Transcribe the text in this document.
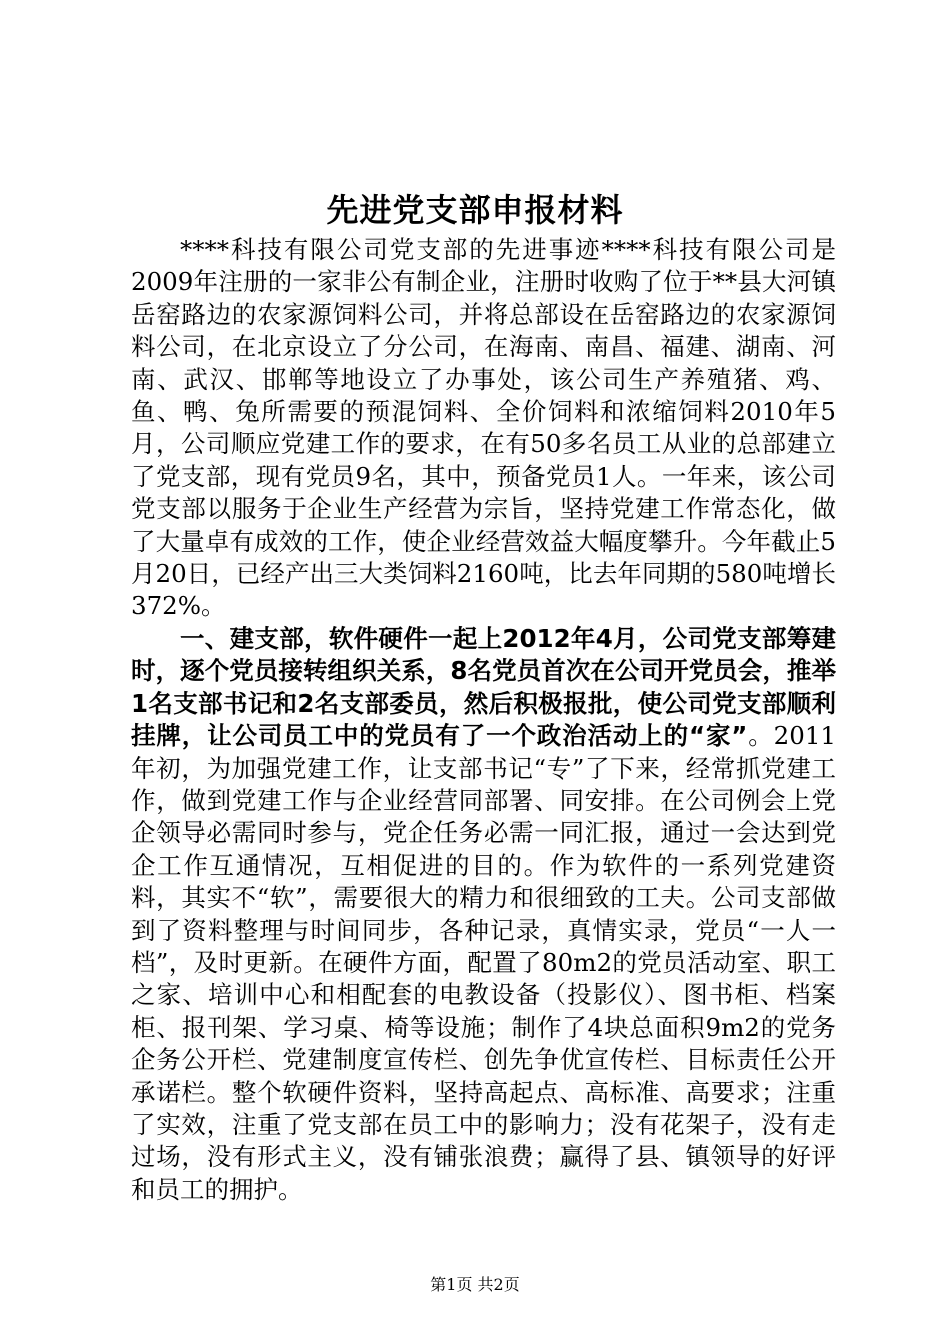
先进党支部申报材料

****科技有限公司党支部的先进事迹****科技有限公司是2009年注册的一家非公有制企业，注册时收购了位于**县大河镇岳窑路边的农家源饲料公司，并将总部设在岳窑路边的农家源饲料公司，在北京设立了分公司，在海南、南昌、福建、湖南、河南、武汉、邯郸等地设立了办事处，该公司生产养殖猪、鸡、鱼、鸭、兔所需要的预混饲料、全价饲料和浓缩饲料2010年5月，公司顺应党建工作的要求，在有50多名员工从业的总部建立了党支部，现有党员9名，其中，预备党员1人。一年来，该公司党支部以服务于企业生产经营为宗旨，坚持党建工作常态化，做了大量卓有成效的工作，使企业经营效益大幅度攀升。今年截止5月20日，已经产出三大类饲料2160吨，比去年同期的580吨增长372%。

一、建支部，软件硬件一起上2012年4月，公司党支部筹建时，逐个党员接转组织关系，8名党员首次在公司开党员会，推举1名支部书记和2名支部委员，然后积极报批，使公司党支部顺利挂牌，让公司员工中的党员有了一个政治活动上的“家”。2011年初，为加强党建工作，让支部书记“专”了下来，经常抓党建工作，做到党建工作与企业经营同部署、同安排。在公司例会上党企领导必需同时参与，党企任务必需一同汇报，通过一会达到党企工作互通情况，互相促进的目的。作为软件的一系列党建资料，其实不“软”，需要很大的精力和很细致的工夫。公司支部做到了资料整理与时间同步，各种记录，真情实录，党员“一人一档”，及时更新。在硬件方面，配置了80m2的党员活动室、职工之家、培训中心和相配套的电教设备（投影仪）、图书柜、档案柜、报刊架、学习桌、椅等设施；制作了4块总面积9m2的党务企务公开栏、党建制度宣传栏、创先争优宣传栏、目标责任公开承诺栏。整个软硬件资料，坚持高起点、高标准、高要求；注重了实效，注重了党支部在员工中的影响力；没有花架子，没有走过场，没有形式主义，没有铺张浪费；赢得了县、镇领导的好评和员工的拥护。

第1页 共2页
